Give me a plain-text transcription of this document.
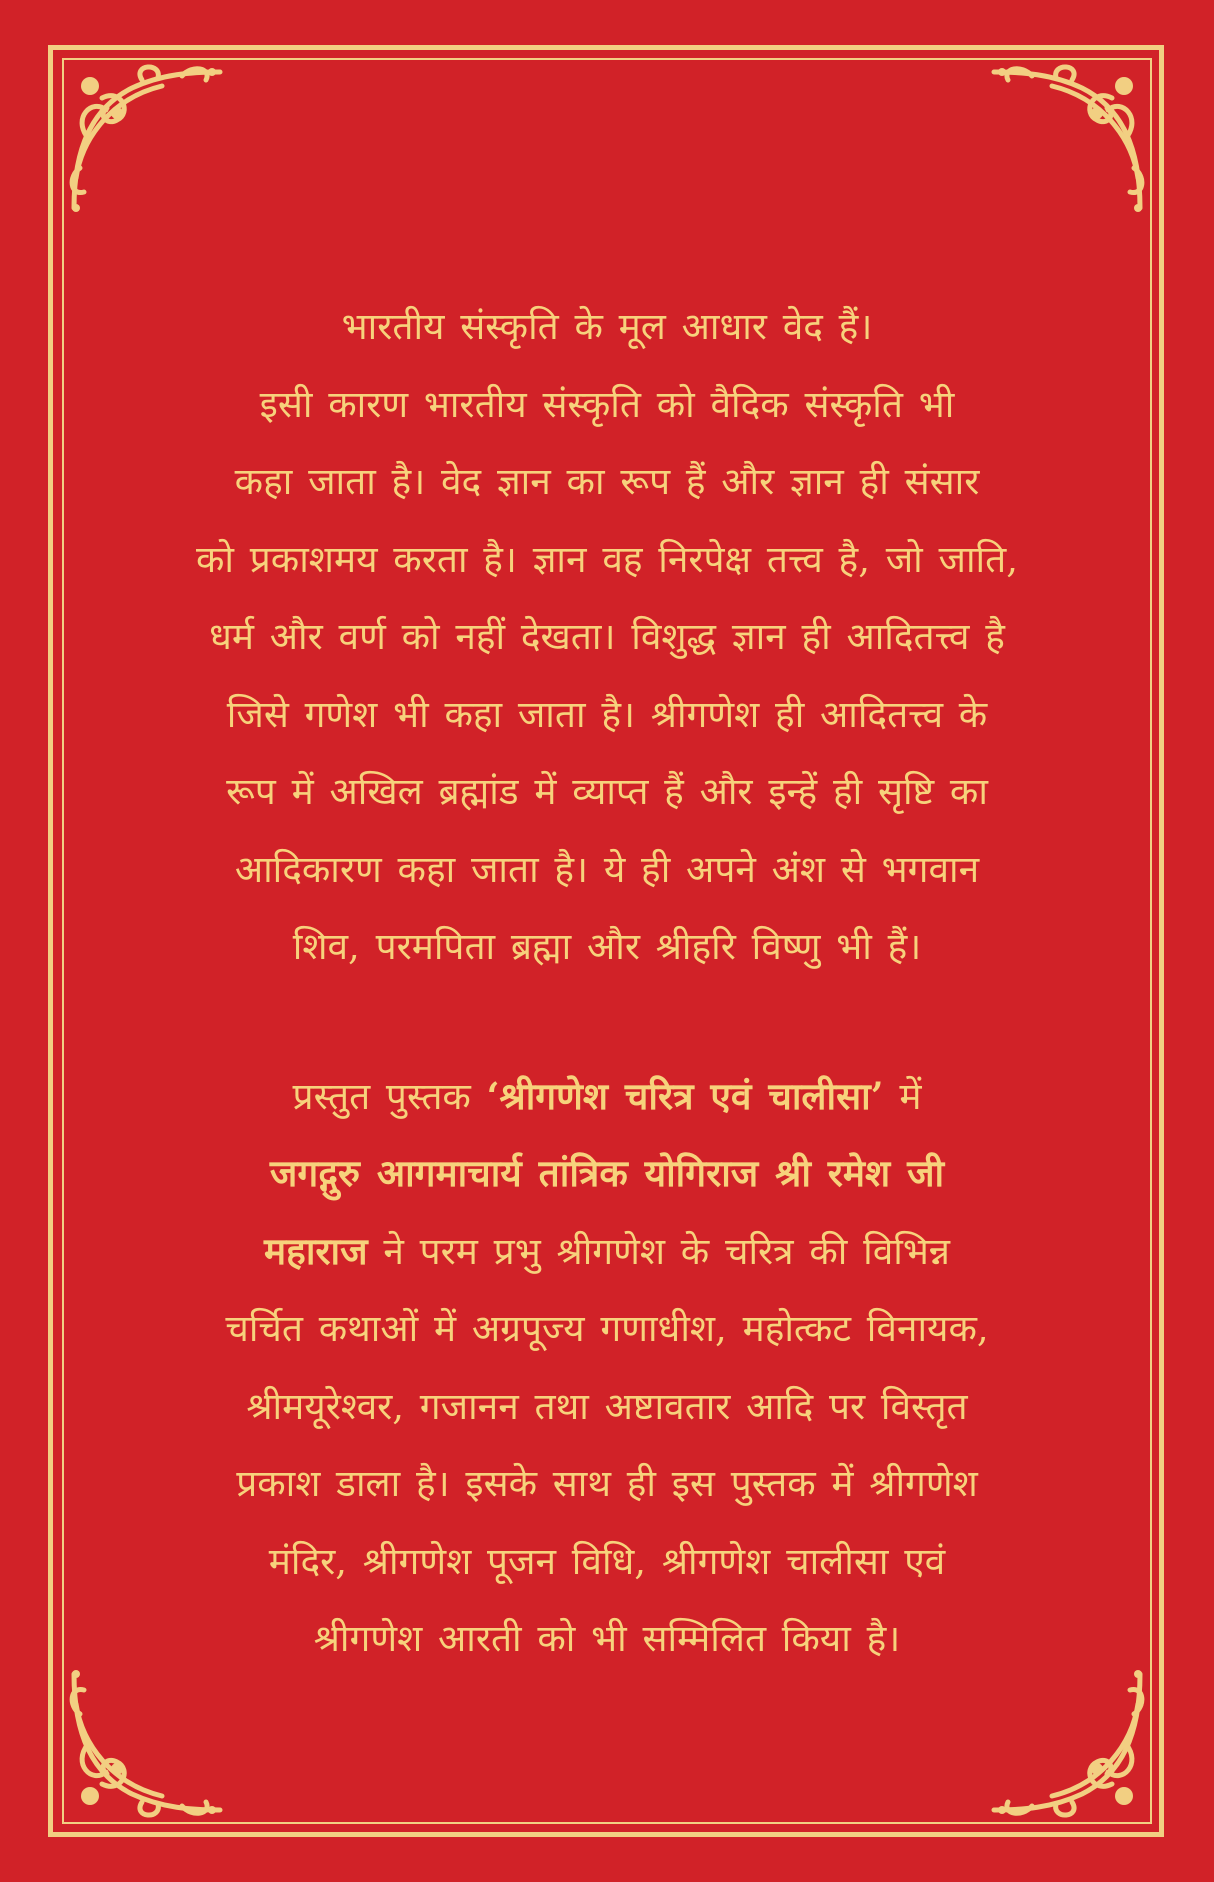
भारतीय संस्कृति के मूल आधार वेद हैं।
इसी कारण भारतीय संस्कृति को वैदिक संस्कृति भी
कहा जाता है। वेद ज्ञान का रूप हैं और ज्ञान ही संसार
को प्रकाशमय करता है। ज्ञान वह निरपेक्ष तत्त्व है, जो जाति,
धर्म और वर्ण को नहीं देखता। विशुद्ध ज्ञान ही आदितत्त्व है
जिसे गणेश भी कहा जाता है। श्रीगणेश ही आदितत्त्व के
रूप में अखिल ब्रह्मांड में व्याप्त हैं और इन्हें ही सृष्टि का
आदिकारण कहा जाता है। ये ही अपने अंश से भगवान
शिव, परमपिता ब्रह्मा और श्रीहरि विष्णु भी हैं।

प्रस्तुत पुस्तक ‘श्रीगणेश चरित्र एवं चालीसा’ में
जगद्गुरु आगमाचार्य तांत्रिक योगिराज श्री रमेश जी
महाराज ने परम प्रभु श्रीगणेश के चरित्र की विभिन्न
चर्चित कथाओं में अग्रपूज्य गणाधीश, महोत्कट विनायक,
श्रीमयूरेश्वर, गजानन तथा अष्टावतार आदि पर विस्तृत
प्रकाश डाला है। इसके साथ ही इस पुस्तक में श्रीगणेश
मंदिर, श्रीगणेश पूजन विधि, श्रीगणेश चालीसा एवं
श्रीगणेश आरती को भी सम्मिलित किया है।
